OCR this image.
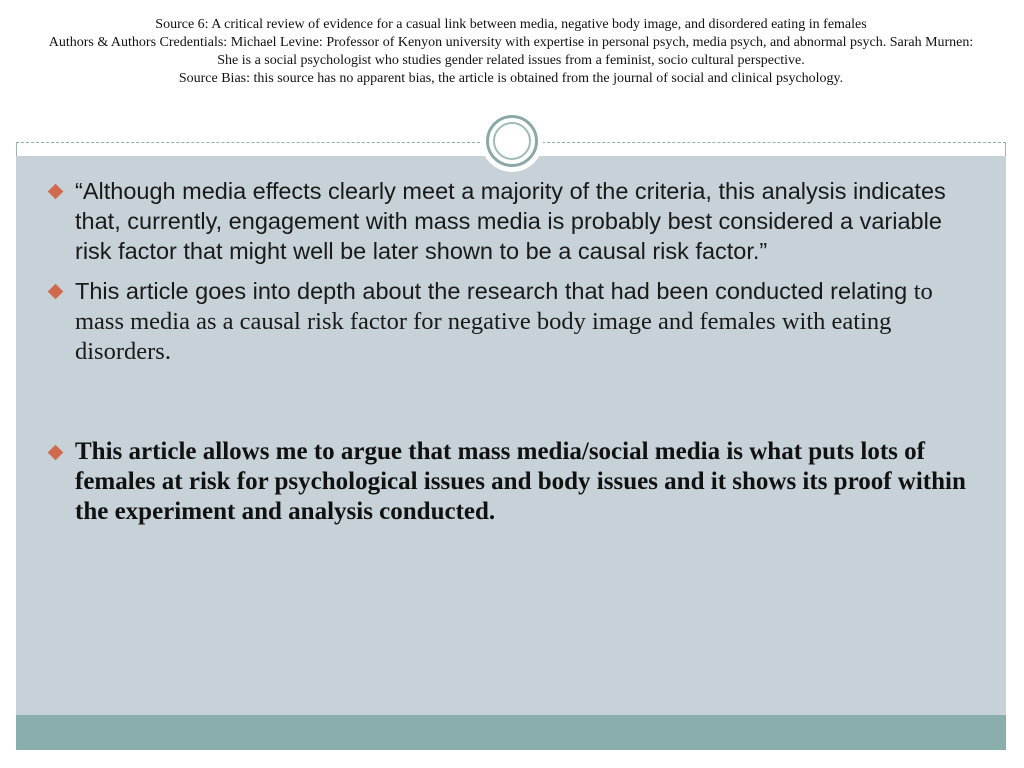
Source 6: A critical review of evidence for a casual link between media, negative body image, and disordered eating in females
Authors & Authors Credentials: Michael Levine: Professor of Kenyon university with expertise in personal psych, media psych, and abnormal psych. Sarah Murnen: She is a social psychologist who studies gender related issues from a feminist, socio cultural perspective.
Source Bias: this source has no apparent bias, the article is obtained from the journal of social and clinical psychology.
“Although media effects clearly meet a majority of the criteria, this analysis indicates that, currently, engagement with mass media is probably best considered a variable risk factor that might well be later shown to be a causal risk factor.”
This article goes into depth about the research that had been conducted relating to mass media as a causal risk factor for negative body image and females with eating disorders.
This article allows me to argue that mass media/social media is what puts lots of females at risk for psychological issues and body issues and it shows its proof within the experiment and analysis conducted.
